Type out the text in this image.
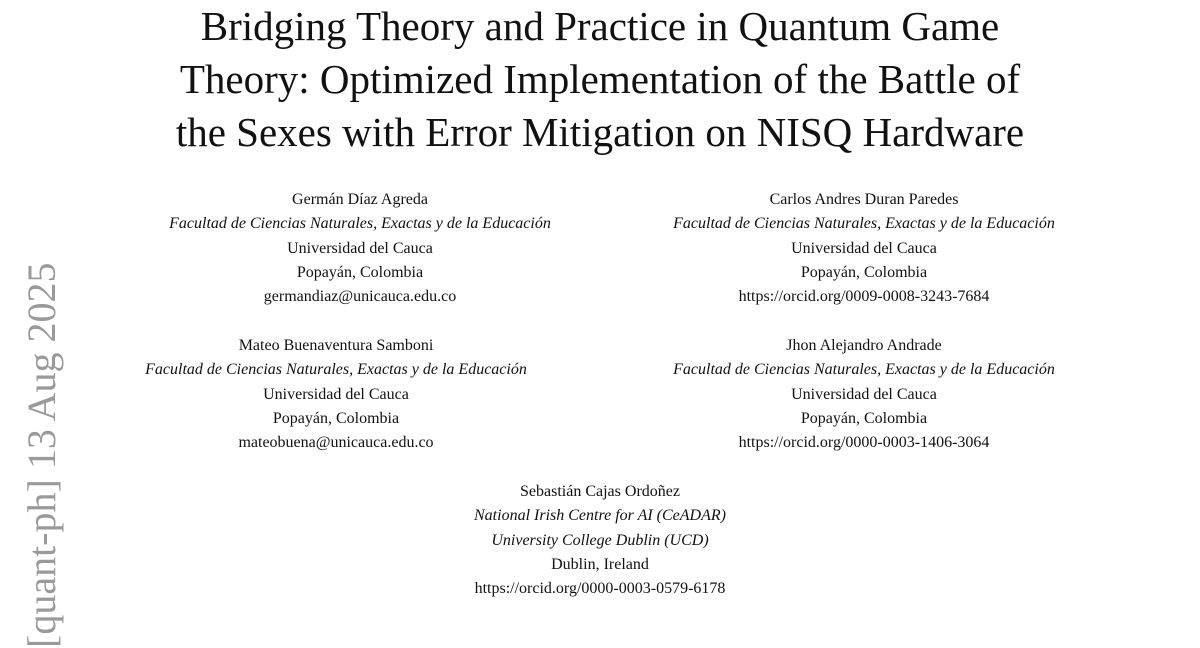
[quant-ph] 13 Aug 2025
Bridging Theory and Practice in Quantum Game
Theory: Optimized Implementation of the Battle of
the Sexes with Error Mitigation on NISQ Hardware
Germán Díaz Agreda
Facultad de Ciencias Naturales, Exactas y de la Educación
Universidad del Cauca
Popayán, Colombia
germandiaz@unicauca.edu.co
Carlos Andres Duran Paredes
Facultad de Ciencias Naturales, Exactas y de la Educación
Universidad del Cauca
Popayán, Colombia
https://orcid.org/0009-0008-3243-7684
Mateo Buenaventura Samboni
Facultad de Ciencias Naturales, Exactas y de la Educación
Universidad del Cauca
Popayán, Colombia
mateobuena@unicauca.edu.co
Jhon Alejandro Andrade
Facultad de Ciencias Naturales, Exactas y de la Educación
Universidad del Cauca
Popayán, Colombia
https://orcid.org/0000-0003-1406-3064
Sebastián Cajas Ordoñez
National Irish Centre for AI (CeADAR)
University College Dublin (UCD)
Dublin, Ireland
https://orcid.org/0000-0003-0579-6178
